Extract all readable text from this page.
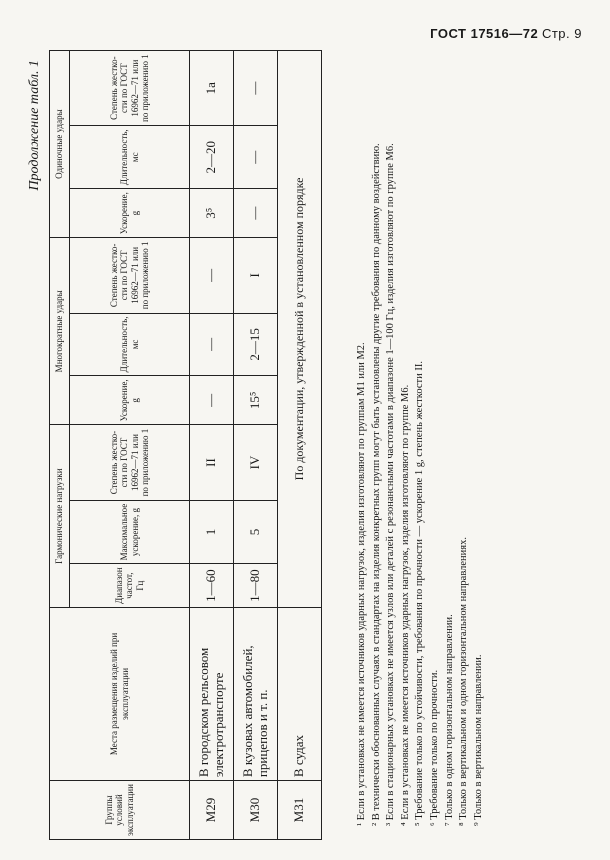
ГОСТ 17516—72 Стр. 9
Продолжение табл. 1
Группы условий эксплуатации	Места размещения изделий при эксплуатации	Гармонические нагрузки			Многократные удары			Одиночные удары		
		Диапазон частот, Гц	Максимальное ускорение, g	Степень жестко-сти по ГОСТ 16962—71 или по приложению 1	Ускорение, g	Длительность, мс	Степень жестко-сти по ГОСТ 16962—71 или по приложению 1	Ускорение, g	Длительность, мс	Степень жестко-сти по ГОСТ 16962—71 или по приложению 1
М29	В городском рельсовом электротранспорте	1—60	1	II	—	—	—	3⁵	2—20	1а
М30	В кузовах автомобилей, прицепов и т. п.	1—80	5	IV	15⁵	2—15	I	—	—	—
М31	В судах	По документации, утвержденной в установленном порядке								

¹ Если в установках не имеется источников ударных нагрузок, изделия изготовляют по группам М1 или М2. ² В технически обоснованных случаях в стандартах на изделия конкретных групп могут быть установлены другие требования по данному воздействию. ³ Если в стационарных установках не имеется узлов или деталей с резонансными частотами в диапазоне 1—100 Гц, изделия изготовляют по группе М6. ⁴ Если в установках не имеется источников ударных нагрузок, изделия изготовляют по группе М6. ⁵ Требование только по устойчивости, требования по прочности — ускорение 1 g, степень жесткости II. ⁶ Требование только по прочности. ⁷ Только в одном горизонтальном направлении. ⁸ Только в вертикальном и одном горизонтальном направлениях. ⁹ Только в вертикальном направлении.
